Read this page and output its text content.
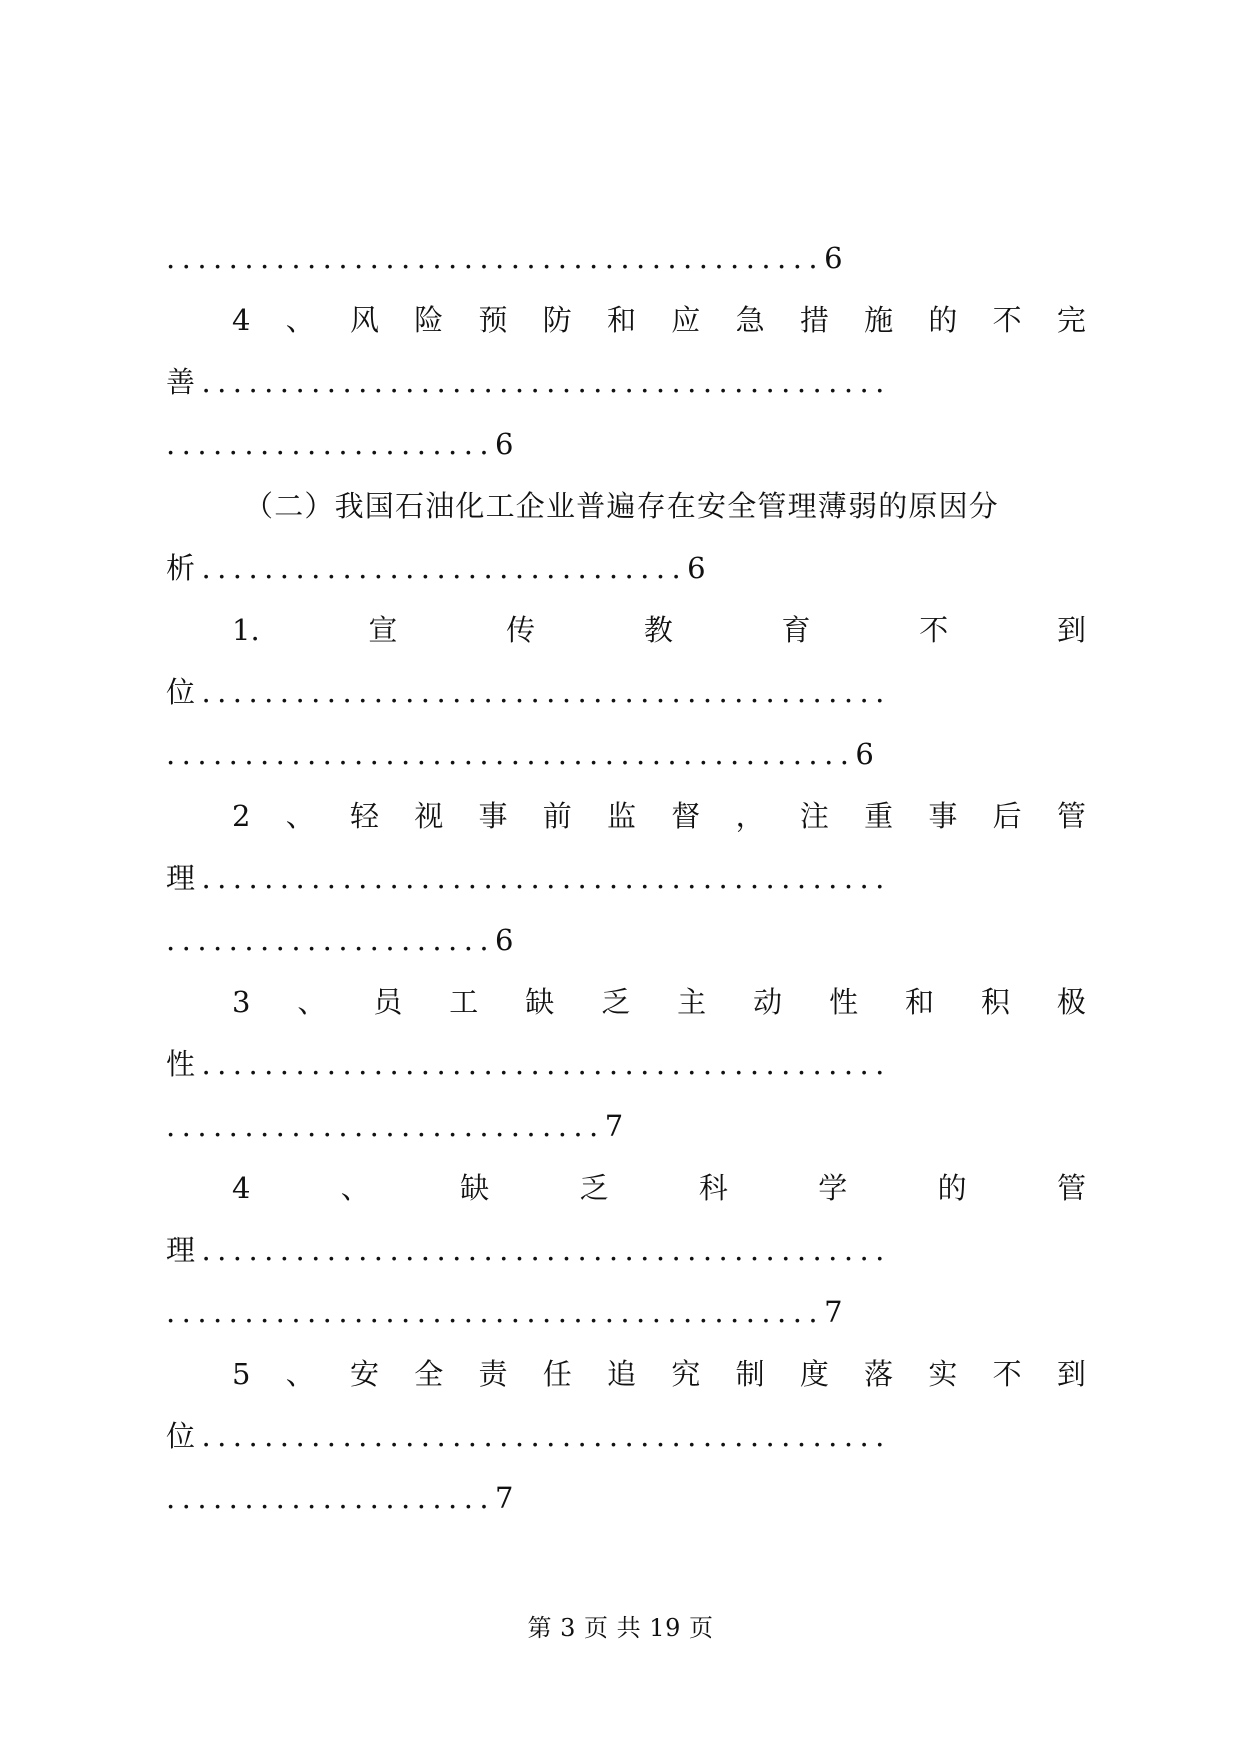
..........................................6
4 、 风 险 预 防 和 应 急 措 施 的 不 完
善............................................
.....................6
（二）我国石油化工企业普遍存在安全管理薄弱的原因分
析...............................6
1.	宣	传	教	育	不	到
位............................................
............................................6
2 、 轻 视 事 前 监 督 ， 注 重 事 后 管
理............................................
.....................6
3 、 员 工 缺 乏 主 动 性 和 积 极
性............................................
............................7
4	、	缺	乏	科	学	的	管
理............................................
..........................................7
5 、 安 全 责 任 追 究 制 度 落 实 不 到
位............................................
.....................7
第 3 页 共 19 页
